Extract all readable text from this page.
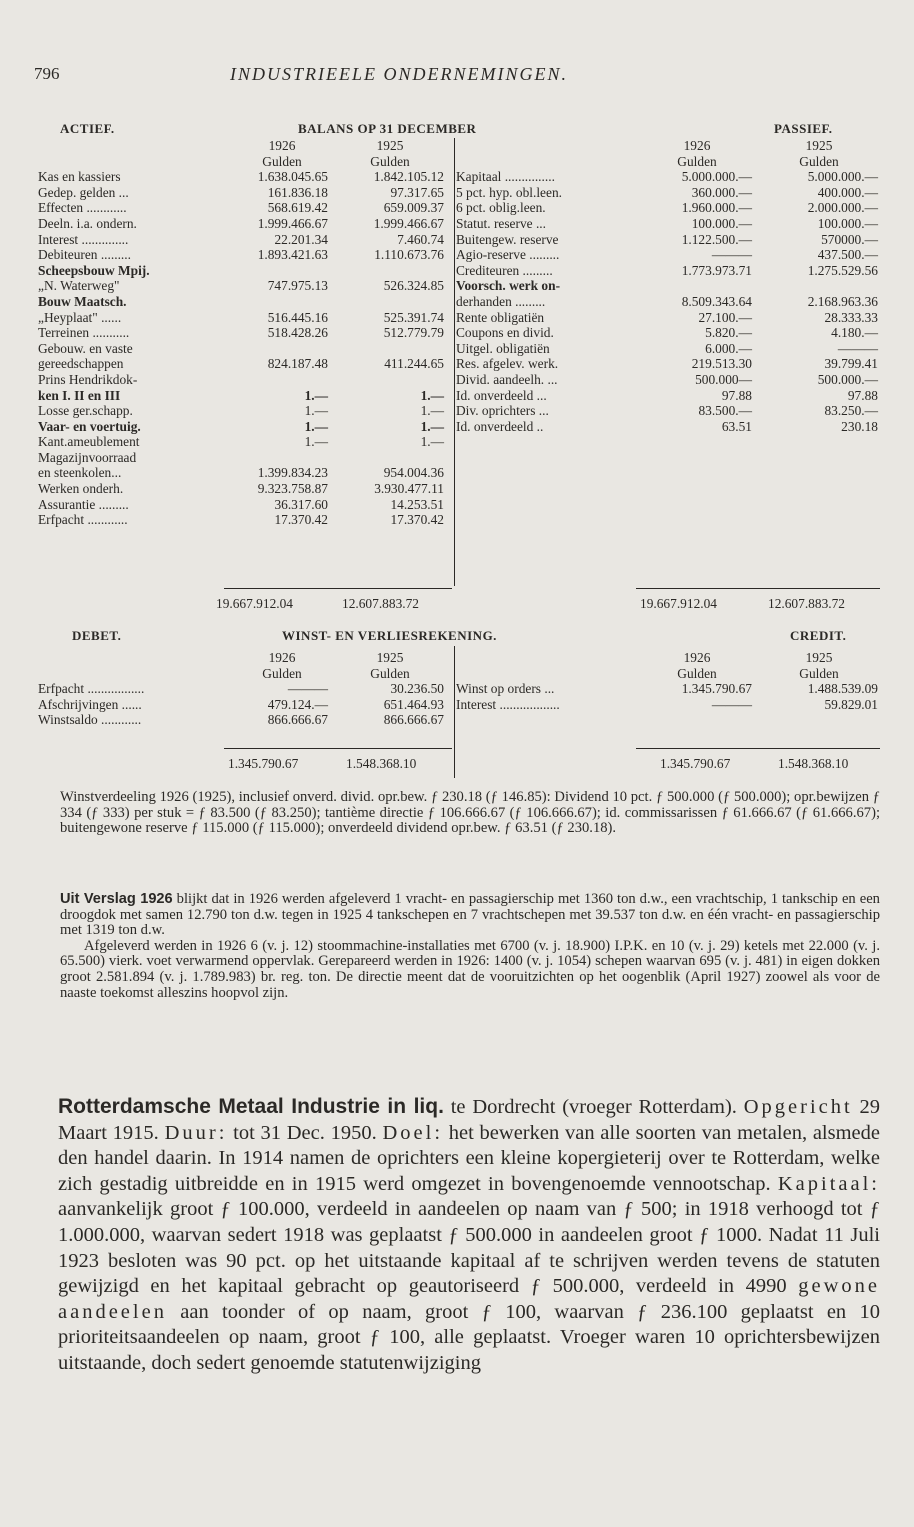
796	INDUSTRIEELE ONDERNEMINGEN.
ACTIEF.	BALANS OP 31 DECEMBER	PASSIEF.
1926	1925
Gulden	Gulden
Kas en kassiers	1.638.045.65	1.842.105.12
Gedep. gelden ...	161.836.18	97.317.65
Effecten ............	568.619.42	659.009.37
Deeln. i.a. ondern.	1.999.466.67	1.999.466.67
Interest ..............	22.201.34	7.460.74
Debiteuren .........	1.893.421.63	1.110.673.76
Scheepsbouw Mpij.
„N. Waterweg"	747.975.13	526.324.85
Bouw Maatsch.
„Heyplaat" ......	516.445.16	525.391.74
Terreinen ...........	518.428.26	512.779.79
Gebouw. en vaste
gereedschappen	824.187.48	411.244.65
Prins Hendrikdok-
ken I. II en III	1.—	1.—
Losse ger.schapp.	1.—	1.—
Vaar- en voertuig.	1.—	1.—
Kant.ameublement	1.—	1.—
Magazijnvoorraad
en steenkolen...	1.399.834.23	954.004.36
Werken onderh.	9.323.758.87	3.930.477.11
Assurantie .........	36.317.60	14.253.51
Erfpacht ............	17.370.42	17.370.42
1926	1925
Gulden	Gulden
Kapitaal ...............	5.000.000.—	5.000.000.—
5 pct. hyp. obl.leen.	360.000.—	400.000.—
6 pct. oblig.leen.	1.960.000.—	2.000.000.—
Statut. reserve ...	100.000.—	100.000.—
Buitengew. reserve	1.122.500.—	570000.—
Agio-reserve .........	———	437.500.—
Crediteuren .........	1.773.973.71	1.275.529.56
Voorsch. werk on-
derhanden .........	8.509.343.64	2.168.963.36
Rente obligatiën	27.100.—	28.333.33
Coupons en divid.	5.820.—	4.180.—
Uitgel. obligatiën	6.000.—	———
Res. afgelev. werk.	219.513.30	39.799.41
Divid. aandeelh. ...	500.000—	500.000.—
Id. onverdeeld ...	97.88	97.88
Div. oprichters ...	83.500.—	83.250.—
Id. onverdeeld ..	63.51	230.18
19.667.912.04	12.607.883.72	19.667.912.04	12.607.883.72
DEBET.	WINST- EN VERLIESREKENING.	CREDIT.
1926	1925
Gulden	Gulden
Erfpacht .................	———	30.236.50
Afschrijvingen ......	479.124.—	651.464.93
Winstsaldo ............	866.666.67	866.666.67
1926	1925
Gulden	Gulden
Winst op orders ...	1.345.790.67	1.488.539.09
Interest ..................	———	59.829.01
1.345.790.67	1.548.368.10	1.345.790.67	1.548.368.10
Winstverdeeling 1926 (1925), inclusief onverd. divid. opr.bew. ƒ 230.18 (ƒ 146.85): Dividend 10 pct. ƒ 500.000 (ƒ 500.000); opr.bewijzen ƒ 334 (ƒ 333) per stuk = ƒ 83.500 (ƒ 83.250); tantième directie ƒ 106.666.67 (ƒ 106.666.67); id. commissarissen ƒ 61.666.67 (ƒ 61.666.67); buitengewone reserve ƒ 115.000 (ƒ 115.000); onverdeeld dividend opr.bew. ƒ 63.51 (ƒ 230.18).

Uit Verslag 1926 blijkt dat in 1926 werden afgeleverd 1 vracht- en passagierschip met 1360 ton d.w., een vrachtschip, 1 tankschip en een droogdok met samen 12.790 ton d.w. tegen in 1925 4 tankschepen en 7 vrachtschepen met 39.537 ton d.w. en één vracht- en passagierschip met 1319 ton d.w.

Afgeleverd werden in 1926 6 (v. j. 12) stoommachine-installaties met 6700 (v. j. 18.900) I.P.K. en 10 (v. j. 29) ketels met 22.000 (v. j. 65.500) vierk. voet verwarmend oppervlak. Gerepareerd werden in 1926: 1400 (v. j. 1054) schepen waarvan 695 (v. j. 481) in eigen dokken groot 2.581.894 (v. j. 1.789.983) br. reg. ton. De directie meent dat de vooruitzichten op het oogenblik (April 1927) zoowel als voor de naaste toekomst alleszins hoopvol zijn.

Rotterdamsche Metaal Industrie in liq. te Dordrecht (vroeger Rotterdam). Opgericht 29 Maart 1915. Duur: tot 31 Dec. 1950. Doel: het bewerken van alle soorten van metalen, alsmede den handel daarin. In 1914 namen de oprichters een kleine kopergieterij over te Rotterdam, welke zich gestadig uitbreidde en in 1915 werd omgezet in bovengenoemde vennootschap. Kapitaal: aanvankelijk groot ƒ 100.000, verdeeld in aandeelen op naam van ƒ 500; in 1918 verhoogd tot ƒ 1.000.000, waarvan sedert 1918 was geplaatst ƒ 500.000 in aandeelen groot ƒ 1000. Nadat 11 Juli 1923 besloten was 90 pct. op het uitstaande kapitaal af te schrijven werden tevens de statuten gewijzigd en het kapitaal gebracht op geautoriseerd ƒ 500.000, verdeeld in 4990 gewone aandeelen aan toonder of op naam, groot ƒ 100, waarvan ƒ 236.100 geplaatst en 10 prioriteitsaandeelen op naam, groot ƒ 100, alle geplaatst. Vroeger waren 10 oprichtersbewijzen uitstaande, doch sedert genoemde statutenwijziging
